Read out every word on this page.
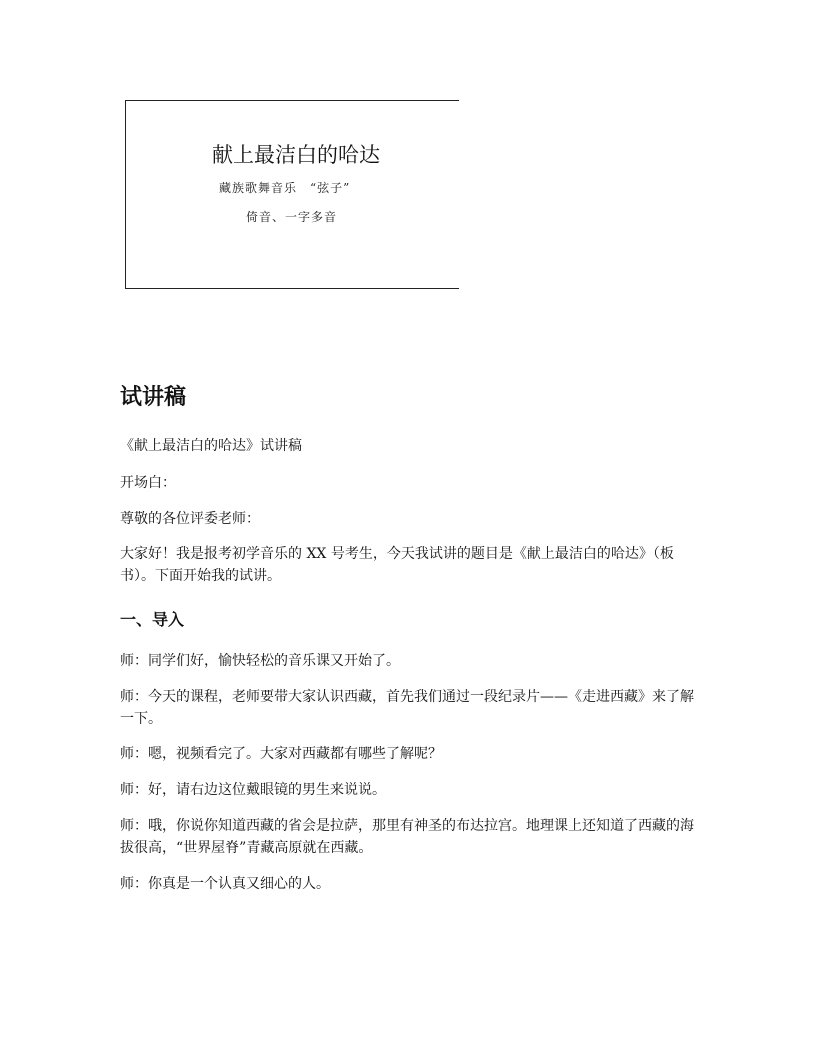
献上最洁白的哈达
藏族歌舞音乐　“弦子”
倚音、一字多音
试讲稿
《献上最洁白的哈达》试讲稿
开场白：
尊敬的各位评委老师：
大家好！我是报考初学音乐的 XX 号考生，今天我试讲的题目是《献上最洁白的哈达》（板书）。下面开始我的试讲。
一、导入
师：同学们好，愉快轻松的音乐课又开始了。
师：今天的课程，老师要带大家认识西藏，首先我们通过一段纪录片——《走进西藏》来了解一下。
师：嗯，视频看完了。大家对西藏都有哪些了解呢？
师：好，请右边这位戴眼镜的男生来说说。
师：哦，你说你知道西藏的省会是拉萨，那里有神圣的布达拉宫。地理课上还知道了西藏的海拔很高，“世界屋脊”青藏高原就在西藏。
师：你真是一个认真又细心的人。
